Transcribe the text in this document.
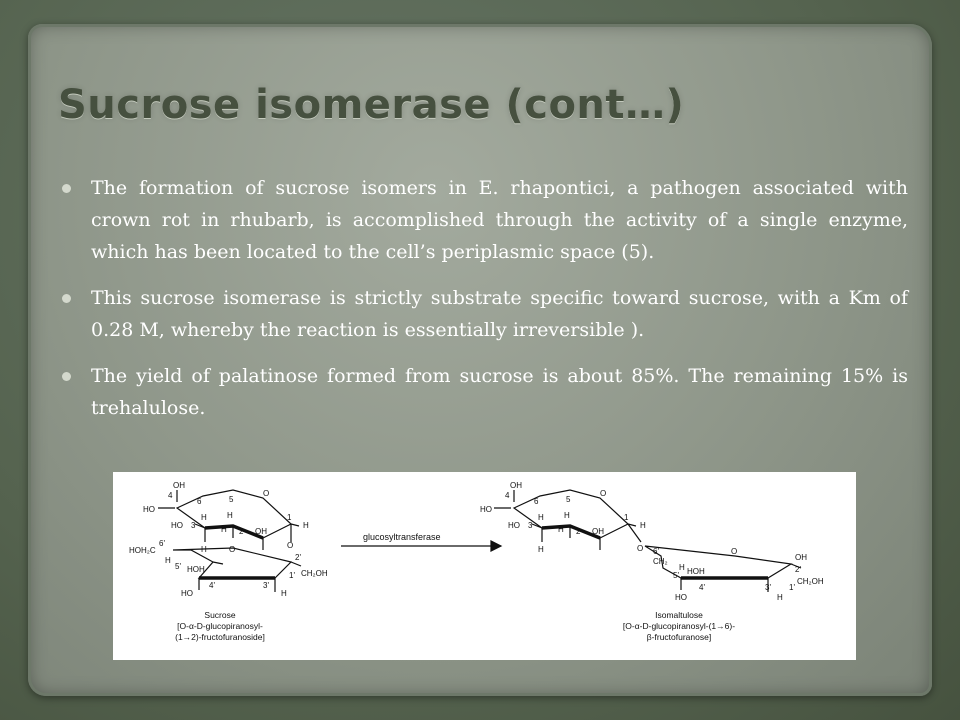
Sucrose isomerase (cont…)
The formation of sucrose isomers in E. rhapontici, a pathogen associated with crown rot in rhubarb, is accomplished through the activity of a single enzyme, which has been located to the cell’s periplasmic space (5).
This sucrose isomerase is strictly substrate specific toward sucrose, with a Km of 0.28 M, whereby the reaction is essentially irreversible ).
The yield of palatinose formed from sucrose is about 85%. The remaining 15% is trehalulose.
OH
4
6	5
O
HO
H	H
H
1
HO 3	H 2 OH
H	O
HOH₂C
6'
O
H
5'
2'
HOH
4'	3'
1' CH₂OH
HO	H
OH
4
6	5
O
HO
H	H
H
1
HO 3	H 2 OH
H	O 6'
CH₂
O
OH
2'
CH₂OH
H
5' HOH
4'	3' 1'
HO	H
glucosyltransferase
Sucrose
[O-α-D-glucopiranosyl-
(1→2)-fructofuranoside]
Isomaltulose
[O-α-D-glucopiranosyl-(1→6)-
β-fructofuranose]
